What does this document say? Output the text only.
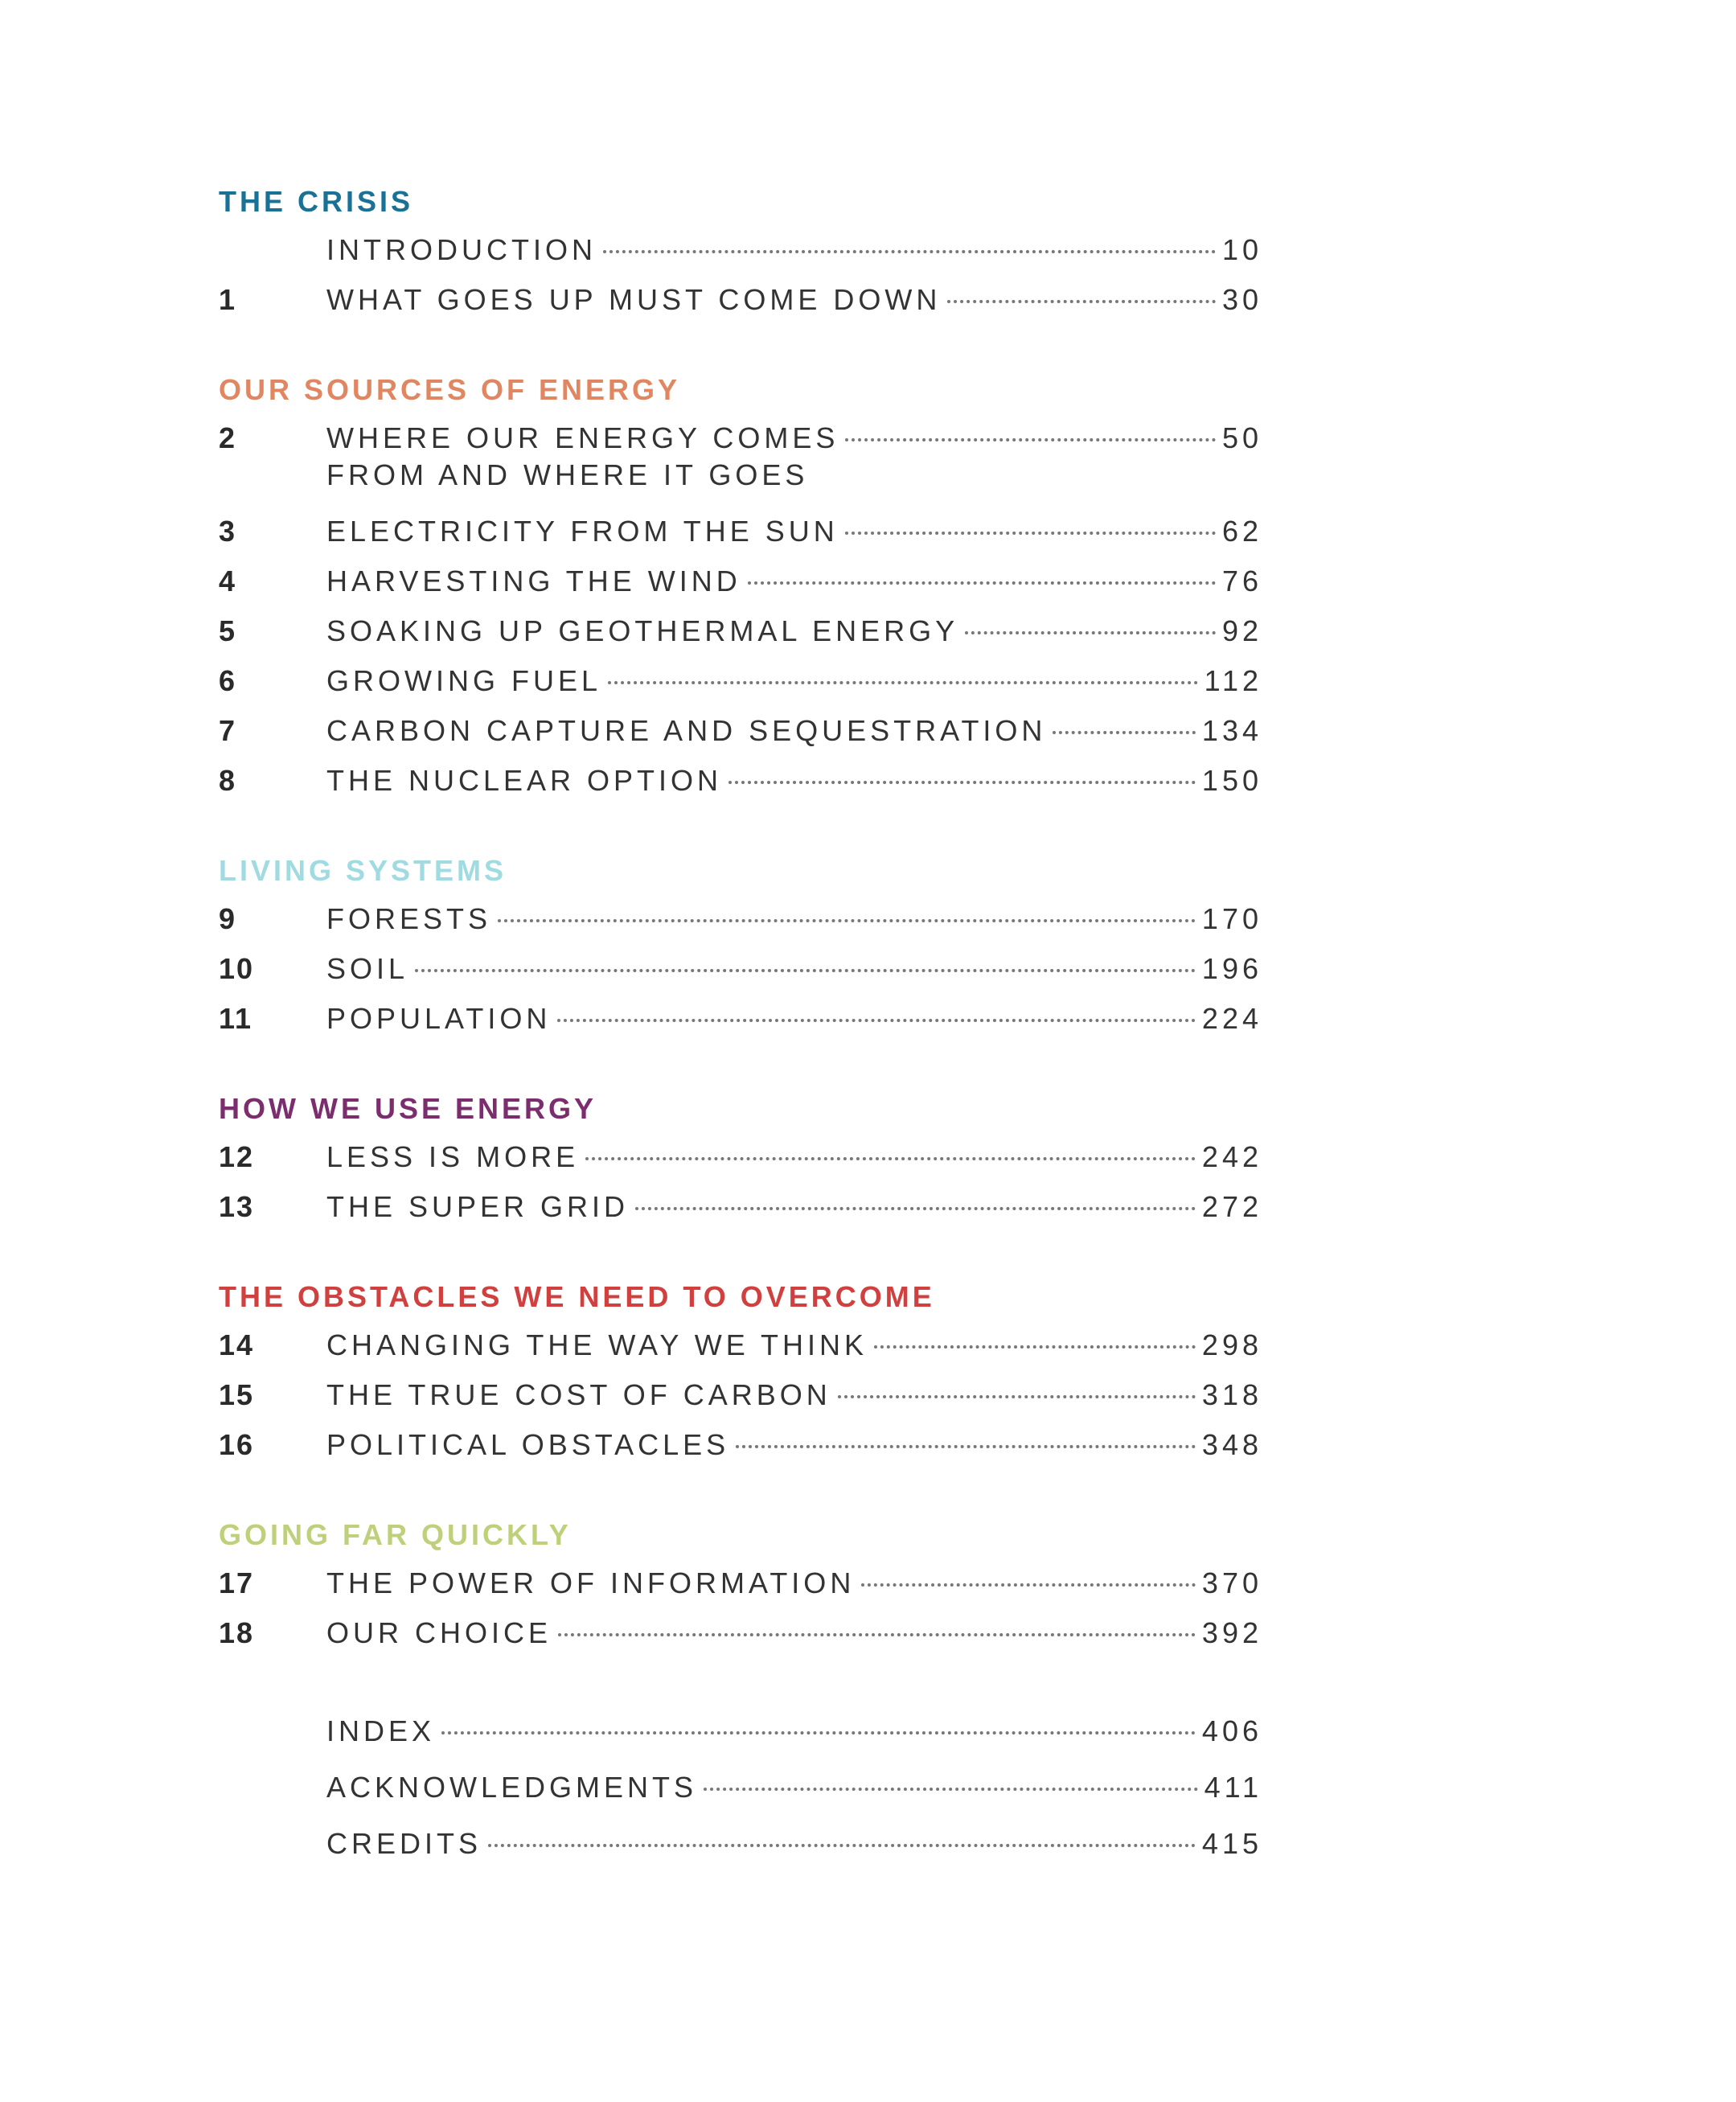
THE CRISIS
INTRODUCTION	10
1	WHAT GOES UP MUST COME DOWN	30
OUR SOURCES OF ENERGY
2	WHERE OUR ENERGY COMES	50
FROM AND WHERE IT GOES
3	ELECTRICITY FROM THE SUN	62
4	HARVESTING THE WIND	76
5	SOAKING UP GEOTHERMAL ENERGY	92
6	GROWING FUEL	112
7	CARBON CAPTURE AND SEQUESTRATION	134
8	THE NUCLEAR OPTION	150
LIVING SYSTEMS
9	FORESTS	170
10	SOIL	196
11	POPULATION	224
HOW WE USE ENERGY
12	LESS IS MORE	242
13	THE SUPER GRID	272
THE OBSTACLES WE NEED TO OVERCOME
14	CHANGING THE WAY WE THINK	298
15	THE TRUE COST OF CARBON	318
16	POLITICAL OBSTACLES	348
GOING FAR QUICKLY
17	THE POWER OF INFORMATION	370
18	OUR CHOICE	392
INDEX	406
ACKNOWLEDGMENTS	411
CREDITS	415
